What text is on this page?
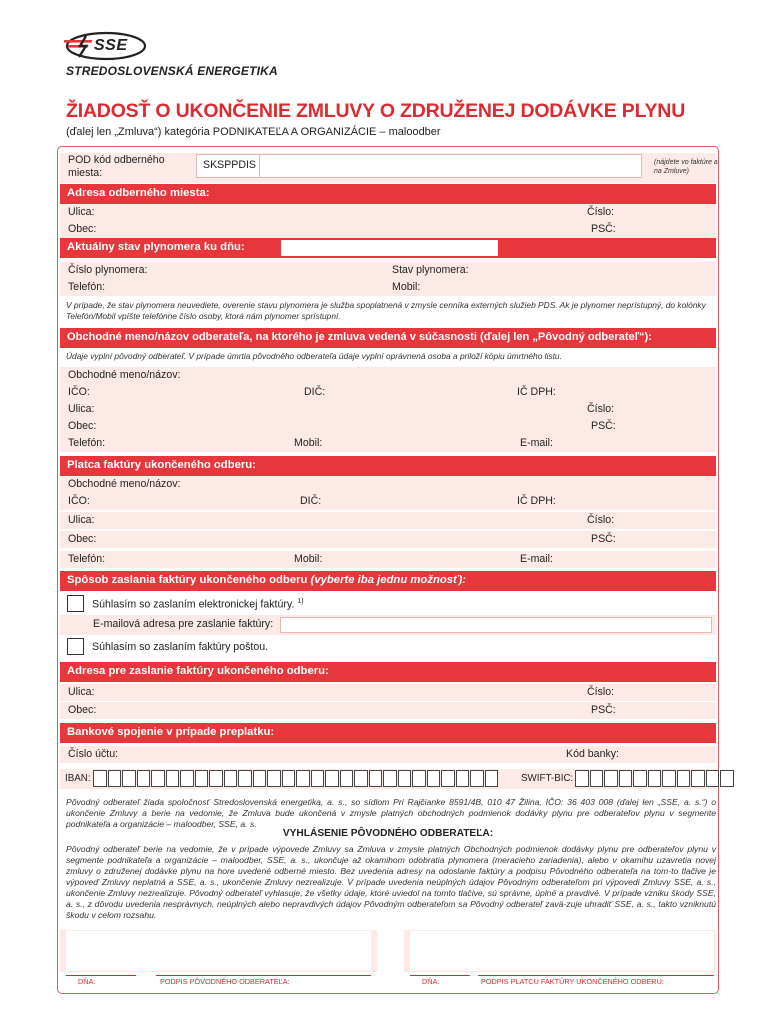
SSE
STREDOSLOVENSKÁ ENERGETIKA
ŽIADOSŤ O UKONČENIE ZMLUVY O ZDRUŽENEJ DODÁVKE PLYNU
(ďalej len „Zmluva“) kategória PODNIKATEĽA A ORGANIZÁCIE – maloodber
POD kód odberného miesta:
SKSPPDIS	(nájdete vo faktúre a na Zmluve)
Adresa odberného miesta:
Ulica:	Číslo:
Obec:	PSČ:
Aktuálny stav plynomera ku dňu:
Číslo plynomera:	Stav plynomera:
Telefón:	Mobil:
V prípade, že stav plynomera neuvediete, overenie stavu plynomera je služba spoplatnená v zmysle cenníka externých služieb PDS. Ak je plynomer neprístupný, do kolónky Telefón/Mobil vpíšte telefónne číslo osoby, ktorá nám plynomer sprístupní.
Obchodné meno/názov odberateľa, na ktorého je zmluva vedená v súčasnosti (ďalej len „Pôvodný odberateľ“):
Údaje vyplní pôvodný odberateľ. V prípade úmrtia pôvodného odberateľa údaje vyplní oprávnená osoba a priloží kópiu úmrtného listu.
Obchodné meno/názov:
IČO:	DIČ:	IČ DPH:
Ulica:	Číslo:
Obec:	PSČ:
Telefón:	Mobil:	E-mail:
Platca faktúry ukončeného odberu:
Obchodné meno/názov:
IČO:	DIČ:	IČ DPH:
Ulica:	Číslo:
Obec:	PSČ:
Telefón:	Mobil:	E-mail:
Spôsob zaslania faktúry ukončeného odberu (vyberte iba jednu možnosť):
Súhlasím so zaslaním elektronickej faktúry. $^{1)}$
E-mailová adresa pre zaslanie faktúry:
Súhlasím so zaslaním faktúry poštou.
Adresa pre zaslanie faktúry ukončeného odberu:
Ulica:	Číslo:
Obec:	PSČ:
Bankové spojenie v prípade preplatku:
Číslo účtu:	Kód banky:
IBAN:	SWIFT-BIC:
Pôvodný odberateľ žiada spoločnosť Stredoslovenská energetika, a. s., so sídlom Pri Rajčianke 8591/4B, 010 47 Žilina, IČO: 36 403 008 (ďalej len „SSE, a. s.“) o ukončenie Zmluvy a berie na vedomie, že Zmluva bude ukončená v zmysle platných obchodných podmienok dodávky plynu pre odberateľov plynu v segmente podnikateľa a organizácie – maloodber, SSE, a. s.
VYHLÁSENIE PÔVODNÉHO ODBERATEĽA:
Pôvodný odberateľ berie na vedomie, že v prípade výpovede Zmluvy sa Zmluva v zmysle platných Obchodných podmienok dodávky plynu pre odberateľov plynu v segmente podnikateľa a organizácie – maloodber, SSE, a. s., ukončuje až okamihom odobratia plynomera (meracieho zariadenia), alebo v okamihu uzavretia novej zmluvy o združenej dodávke plynu na hore uvedené odberné miesto. Bez uvedenia adresy na odoslanie faktúry a podpisu Pôvodného odberateľa na tom-to tlačive je výpoveď Zmluvy neplatná a SSE, a. s., ukončenie Zmluvy nezrealizuje. V prípade uvedenia neúplných údajov Pôvodným odberateľom pri výpovedi Zmluvy SSE, a. s., ukončenie Zmluvy nezrealizuje. Pôvodný odberateľ vyhlasuje, že všetky údaje, ktoré uviedol na tomto tlačive, sú správne, úplné a pravdivé. V prípade vzniku škody SSE, a. s., z dôvodu uvedenia nesprávnych, neúplných alebo nepravdivých údajov Pôvodným odberateľom sa Pôvodný odberateľ zavä-zuje uhradiť SSE, a. s., takto vzniknutú škodu v celom rozsahu.
DŇA:	PODPIS PÔVODNÉHO ODBERATEĽA:	DŇA:	PODPIS PLATCU FAKTÚRY UKONČENÉHO ODBERU:
